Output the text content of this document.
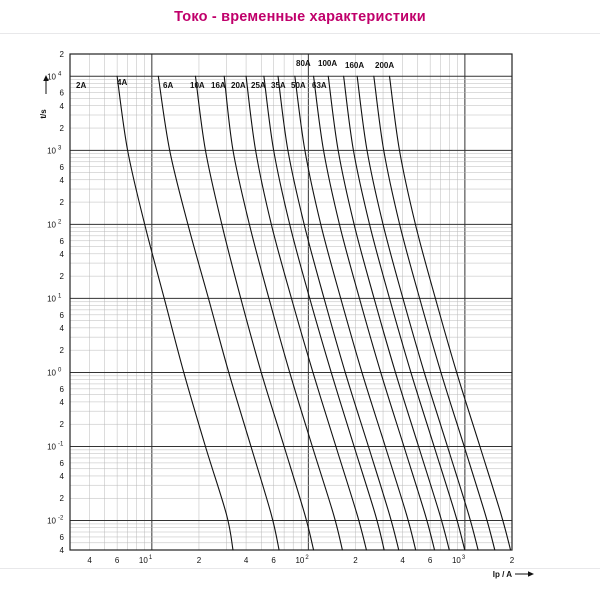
Токо - временные характеристики
4
6
2
4
6
10 -2
2
4
6
10 -1
2
4
6
10 0
2
4
6
10 1
2
4
6
10 2
2
4
6
10 3
2
10 4
4	6	2	4	6
10 1	2	4	6
10 2	2
10 3
t/s
Ip / A
2A	4A	6A 10A 16A 20A 25A 35A 50A 63A
80A 100A 160A 200A
